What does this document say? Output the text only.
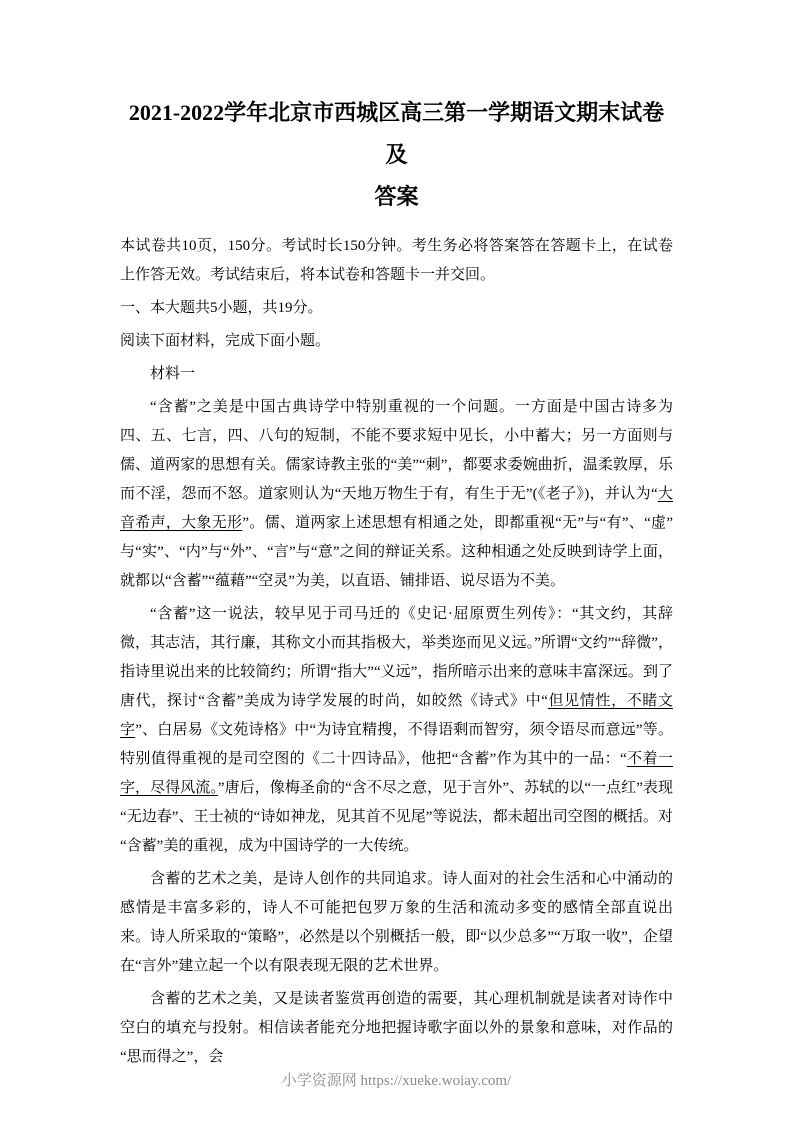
2021-2022学年北京市西城区高三第一学期语文期末试卷及
答案

本试卷共10页，150分。考试时长150分钟。考生务必将答案答在答题卡上，在试卷上作答无效。考试结束后，将本试卷和答题卡一并交回。

一、本大题共5小题，共19分。

阅读下面材料，完成下面小题。

材料一

“含蓄”之美是中国古典诗学中特别重视的一个问题。一方面是中国古诗多为四、五、七言，四、八句的短制，不能不要求短中见长，小中蓄大；另一方面则与儒、道两家的思想有关。儒家诗教主张的“美”“刺”，都要求委婉曲折，温柔敦厚，乐而不淫，怨而不怒。道家则认为“天地万物生于有，有生于无”(《老子》)，并认为“大音希声，大象无形”。儒、道两家上述思想有相通之处，即都重视“无”与“有”、“虚”与“实”、“内”与“外”、“言”与“意”之间的辩证关系。这种相通之处反映到诗学上面，就都以“含蓄”“蕴藉”“空灵”为美，以直语、铺排语、说尽语为不美。

“含蓄”这一说法，较早见于司马迁的《史记·屈原贾生列传》：“其文约，其辞微，其志洁，其行廉，其称文小而其指极大，举类迩而见义远。”所谓“文约”“辞微”，指诗里说出来的比较简约；所谓“指大”“义远”，指所暗示出来的意味丰富深远。到了唐代，探讨“含蓄”美成为诗学发展的时尚，如皎然《诗式》中“但见情性，不睹文字”、白居易《文苑诗格》中“为诗宜精搜，不得语剩而智穷，须令语尽而意远”等。特别值得重视的是司空图的《二十四诗品》，他把“含蓄”作为其中的一品：“不着一字，尽得风流。”唐后，像梅圣俞的“含不尽之意，见于言外”、苏轼的以“一点红”表现“无边春”、王士祯的“诗如神龙，见其首不见尾”等说法，都未超出司空图的概括。对“含蓄”美的重视，成为中国诗学的一大传统。

含蓄的艺术之美，是诗人创作的共同追求。诗人面对的社会生活和心中涌动的感情是丰富多彩的，诗人不可能把包罗万象的生活和流动多变的感情全部直说出来。诗人所采取的“策略”，必然是以个别概括一般，即“以少总多”“万取一收”，企望在“言外”建立起一个以有限表现无限的艺术世界。

含蓄的艺术之美，又是读者鉴赏再创造的需要，其心理机制就是读者对诗作中空白的填充与投射。相信读者能充分地把握诗歌字面以外的景象和意味，对作品的“思而得之”，会

小学资源网 https://xueke.woiay.com/
